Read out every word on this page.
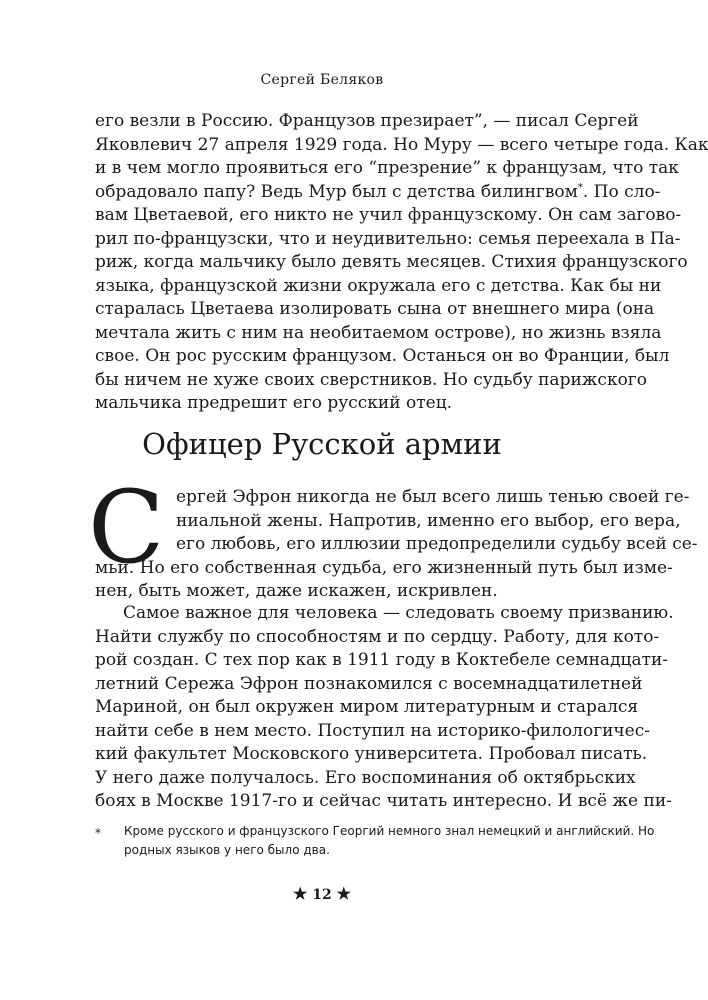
Сергей Беляков
его везли в Россию. Французов презирает”, — писал Сергей
Яковлевич 27 апреля 1929 года. Но Муру — всего четыре года. Как
и в чем могло проявиться его “презрение” к французам, что так
обрадовало папу? Ведь Мур был с детства билингвом*. По сло-
вам Цветаевой, его никто не учил французскому. Он сам загово-
рил по-французски, что и неудивительно: семья переехала в Па-
риж, когда мальчику было девять месяцев. Стихия французского
языка, французской жизни окружала его с детства. Как бы ни
старалась Цветаева изолировать сына от внешнего мира (она
мечтала жить с ним на необитаемом острове), но жизнь взяла
свое. Он рос русским французом. Останься он во Франции, был
бы ничем не хуже своих сверстников. Но судьбу парижского
Офицер Русской армии
С ергей Эфрон никогда не был всего лишь тенью своей ге-
ниальной жены. Напротив, именно его выбор, его вера,
его любовь, его иллюзии предопределили судьбу всей се-
мьи. Но его собственная судьба, его жизненный путь был изме-
нен, быть может, даже искажен, искривлен.
Самое важное для человека — следовать своему призванию.
Найти службу по способностям и по сердцу. Работу, для кото-
рой создан. С тех пор как в 1911 году в Коктебеле семнадцати-
летний Сережа Эфрон познакомился с восемнадцатилетней
Мариной, он был окружен миром литературным и старался
найти себе в нем место. Поступил на историко-филологичес-
кий факультет Московского университета. Пробовал писать.
* Кроме русского и французского Георгий немного знал немецкий и английский. Но
родных языков у него было два.
★ 12 ★
мальчика предрешит его русский отец.
У него даже получалось. Его воспоминания об октябрьских
боях в Москве 1917-го и сейчас читать интересно. И всё же пи-
